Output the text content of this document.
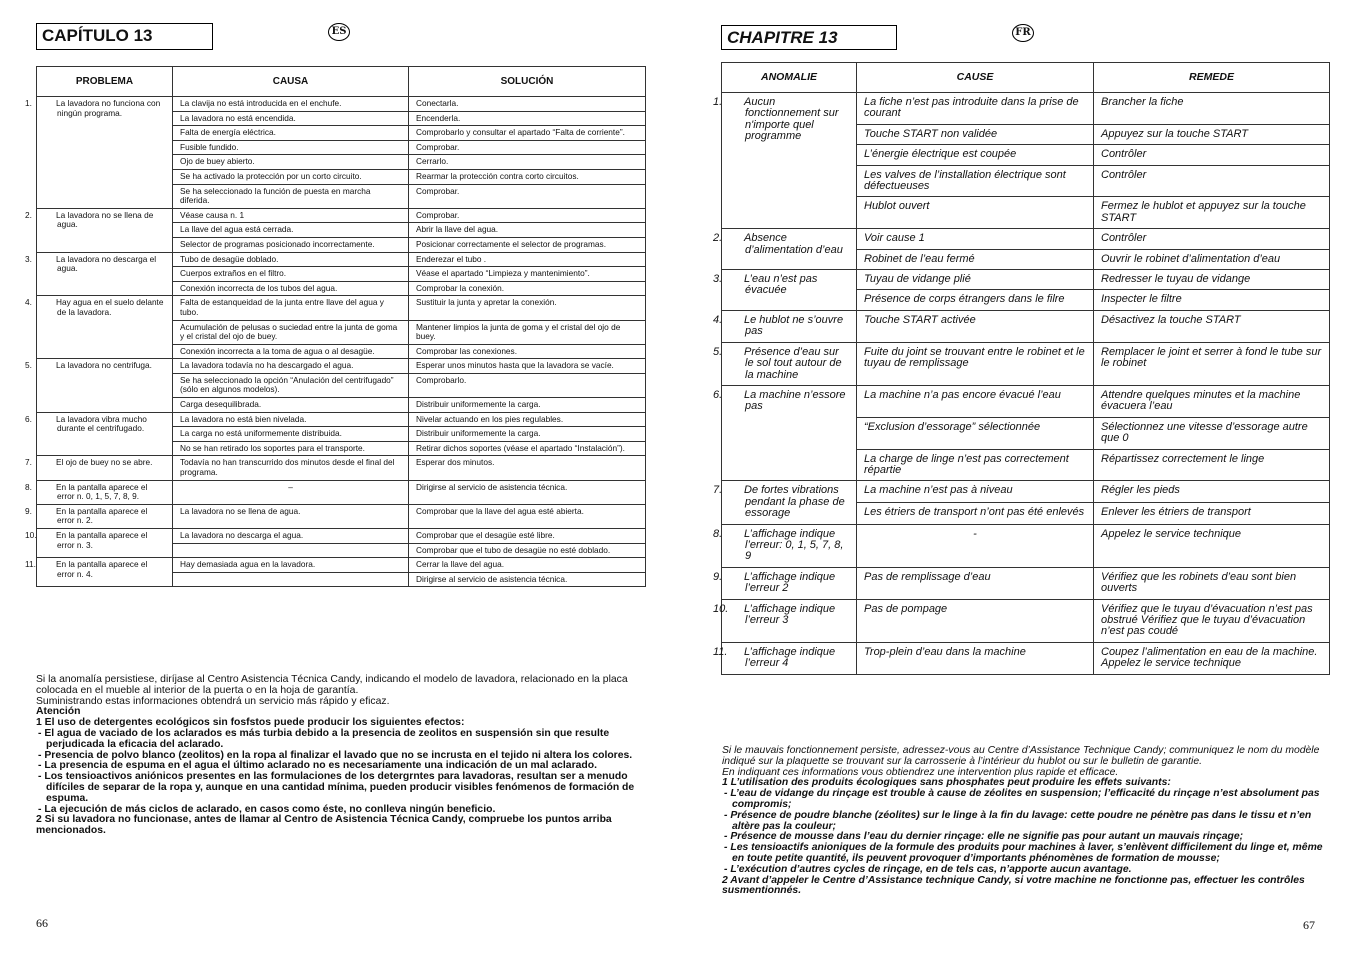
CAPÍTULO 13	ES
PROBLEMA	CAUSA	SOLUCIÓN

1. La lavadora no funciona con ningún programa.	La clavija no está introducida en el enchufe.	Conectarla.
	La lavadora no está encendida.	Encenderla.
	Falta de energía eléctrica.	Comprobarlo y consultar el apartado “Falta de corriente”.
	Fusible fundido.	Comprobar.
	Ojo de buey abierto.	Cerrarlo.
	Se ha activado la protección por un corto circuito.	Rearmar la protección contra corto circuitos.
	Se ha seleccionado la función de puesta en marcha diferida.	Comprobar.

2. La lavadora no se llena de agua.	Véase causa n. 1	Comprobar.
	La llave del agua está cerrada.	Abrir la llave del agua.
	Selector de programas posicionado incorrectamente.	Posicionar correctamente el selector de programas.

3. La lavadora no descarga el agua.	Tubo de desagüe doblado.	Enderezar el tubo .
	Cuerpos extraños en el filtro.	Véase el apartado “Limpieza y mantenimiento”.
	Conexión incorrecta de los tubos del agua.	Comprobar la conexión.

4. Hay agua en el suelo delante de la lavadora.	Falta de estanqueidad de la junta entre llave del agua y tubo.	Sustituir la junta y apretar la conexión.
	Acumulación de pelusas o suciedad entre la junta de goma y el cristal del ojo de buey.	Mantener limpios la junta de goma y el cristal del ojo de buey.
	Conexión incorrecta a la toma de agua o al desagüe.	Comprobar las conexiones.

5. La lavadora no centrifuga.	La lavadora todavía no ha descargado el agua.	Esperar unos minutos hasta que la lavadora se vacíe.
	Se ha seleccionado la opción “Anulación del centrifugado” (sólo en algunos modelos).	Comprobarlo.
	Carga desequilibrada.	Distribuir uniformemente la carga.

6. La lavadora vibra mucho durante el centrifugado.	La lavadora no está bien nivelada.	Nivelar actuando en los pies regulables.
	La carga no está uniformemente distribuida.	Distribuir uniformemente la carga.
	No se han retirado los soportes para el transporte.	Retirar dichos soportes (véase el apartado “Instalación”).

7. El ojo de buey no se abre.	Todavía no han transcurrido dos minutos desde el final del programa.	Esperar dos minutos.

8. En la pantalla aparece el error n. 0, 1, 5, 7, 8, 9.	–	Dirigirse al servicio de asistencia técnica.

9. En la pantalla aparece el error n. 2.	La lavadora no se llena de agua.	Comprobar que la llave del agua esté abierta.

10. En la pantalla aparece el error n. 3.	La lavadora no descarga el agua.	Comprobar que el desagüe esté libre.
		Comprobar que el tubo de desagüe no esté doblado.

11. En la pantalla aparece el error n. 4.	Hay demasiada agua en la lavadora.	Cerrar la llave del agua.
		Dirigirse al servicio de asistencia técnica.

Si la anomalía persistiese, diríjase al Centro Asistencia Técnica Candy, indicando el modelo de lavadora, relacionado en la placa colocada en el mueble al interior de la puerta o en la hoja de garantía.

Suministrando estas informaciones obtendrá un servicio más rápido y eficaz.

Atención

1 El uso de detergentes ecológicos sin fosfstos puede producir los siguientes efectos:

- El agua de vaciado de los aclarados es más turbia debido a la presencia de zeolitos en suspensión sin que resulte perjudicada la eficacia del aclarado.

- Presencia de polvo blanco (zeolitos) en la ropa al finalizar el lavado que no se incrusta en el tejido ni altera los colores.

- La presencia de espuma en el agua el último aclarado no es necesariamente una indicación de un mal aclarado.

- Los tensioactivos aniónicos presentes en las formulaciones de los detergrntes para lavadoras, resultan ser a menudo difíciles de separar de la ropa y, aunque en una cantidad mínima, pueden producir visibles fenómenos de formación de espuma.

- La ejecución de más ciclos de aclarado, en casos como éste, no conlleva ningún beneficio.

2 Si su lavadora no funcionase, antes de llamar al Centro de Asistencia Técnica Candy, compruebe los puntos arriba mencionados.

66
CHAPITRE 13	FR
ANOMALIE	CAUSE	REMEDE

1. Aucun fonctionnement sur n'importe quel programme	La fiche n’est pas introduite dans la prise de courant	Brancher la fiche
	Touche START non validée	Appuyez sur la touche START
	L’énergie électrique est coupée	Contrôler
	Les valves de l’installation électrique sont défectueuses	Contrôler
	Hublot ouvert	Fermez le hublot et appuyez sur la touche START

2. Absence d’alimentation d’eau	Voir cause 1	Contrôler
	Robinet de l’eau fermé	Ouvrir le robinet d’alimentation d’eau

3. L’eau n’est pas évacuée	Tuyau de vidange plié	Redresser le tuyau de vidange
	Présence de corps étrangers dans le filre	Inspecter le filtre

4. Le hublot ne s’ouvre pas	Touche START activée	Désactivez la touche START

5. Présence d’eau sur le sol tout autour de la machine	Fuite du joint se trouvant entre le robinet et le tuyau de remplissage	Remplacer le joint et serrer à fond le tube sur le robinet

6. La machine n’essore pas	La machine n’a pas encore évacué l’eau	Attendre quelques minutes et la machine évacuera l’eau
	“Exclusion d’essorage” sélectionnée	Sélectionnez une vitesse d’essorage autre que 0
	La charge de linge n’est pas correctement répartie	Répartissez correctement le linge

7. De fortes vibrations pendant la phase de essorage	La machine n’est pas à niveau	Régler les pieds
	Les étriers de transport n’ont pas été enlevés	Enlever les étriers de transport

8. L’affichage indique l’erreur: 0, 1, 5, 7, 8, 9	-	Appelez le service technique

9. L’affichage indique l’erreur 2	Pas de remplissage d’eau	Vérifiez que les robinets d’eau sont bien ouverts

10. L’affichage indique l’erreur 3	Pas de pompage	Vérifiez que le tuyau d’évacuation n’est pas obstrué Vérifiez que le tuyau d’évacuation n’est pas coudé

11. L’affichage indique l’erreur 4	Trop-plein d’eau dans la machine	Coupez l’alimentation en eau de la machine. Appelez le service technique

Si le mauvais fonctionnement persiste, adressez-vous au Centre d’Assistance Technique Candy; communiquez le nom du modèle indiqué sur la plaquette se trouvant sur la carrosserie à l’intérieur du hublot ou sur le bulletin de garantie.

En indiquant ces informations vous obtiendrez une intervention plus rapide et efficace.

1 L’utilisation des produits écologiques sans phosphates peut produire les effets suivants:

- L’eau de vidange du rinçage est trouble à cause de zéolites en suspension; l’efficacité du rinçage n’est absolument pas compromis;

- Présence de poudre blanche (zéolites) sur le linge à la fin du lavage: cette poudre ne pénètre pas dans le tissu et n’en altère pas la couleur;

- Présence de mousse dans l’eau du dernier rinçage: elle ne signifie pas pour autant un mauvais rinçage;

- Les tensioactifs anioniques de la formule des produits pour machines à laver, s’enlèvent difficilement du linge et, même en toute petite quantité, ils peuvent provoquer d’importants phénomènes de formation de mousse;

- L’exécution d’autres cycles de rinçage, en de tels cas, n’apporte aucun avantage.

2 Avant d’appeler le Centre d’Assistance technique Candy, si votre machine ne fonctionne pas, effectuer les contrôles susmentionnés.

67
